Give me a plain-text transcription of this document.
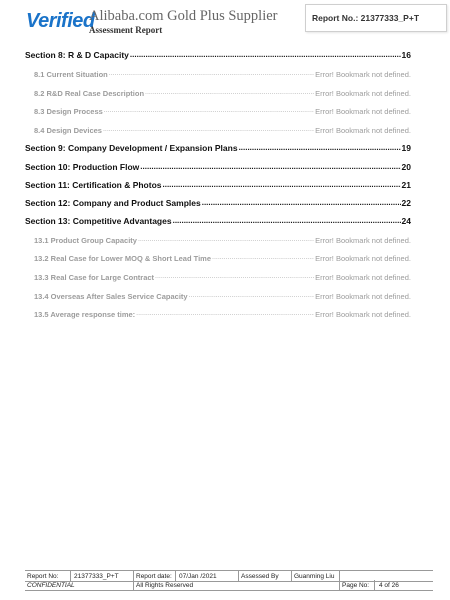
Verified
Alibaba.com Gold Plus Supplier
Assessment Report
Report No.: 21377333_P+T
Section 8: R & D Capacity .....	16
8.1 Current Situation .....	Error! Bookmark not defined.
8.2 R&D Real Case Description .....	Error! Bookmark not defined.
8.3 Design Process .....	Error! Bookmark not defined.
8.4 Design Devices .....	Error! Bookmark not defined.
Section 9: Company Development / Expansion Plans .....	19
Section 10: Production Flow .....	20
Section 11: Certification & Photos .....	21
Section 12: Company and Product Samples .....	22
Section 13: Competitive Advantages .....	24
13.1 Product Group Capacity .....	Error! Bookmark not defined.
13.2 Real Case for Lower MOQ & Short Lead Time .....	Error! Bookmark not defined.
13.3 Real Case for Large Contract .....	Error! Bookmark not defined.
13.4 Overseas After Sales Service Capacity .....	Error! Bookmark not defined.
13.5 Average response time: .....	Error! Bookmark not defined.
Report No: 21377333_P+T	Report date: 07/Jan /2021	Assessed By Guanming Liu
CONFIDENTIAL	All Rights Reserved	Page No: 4 of 26
